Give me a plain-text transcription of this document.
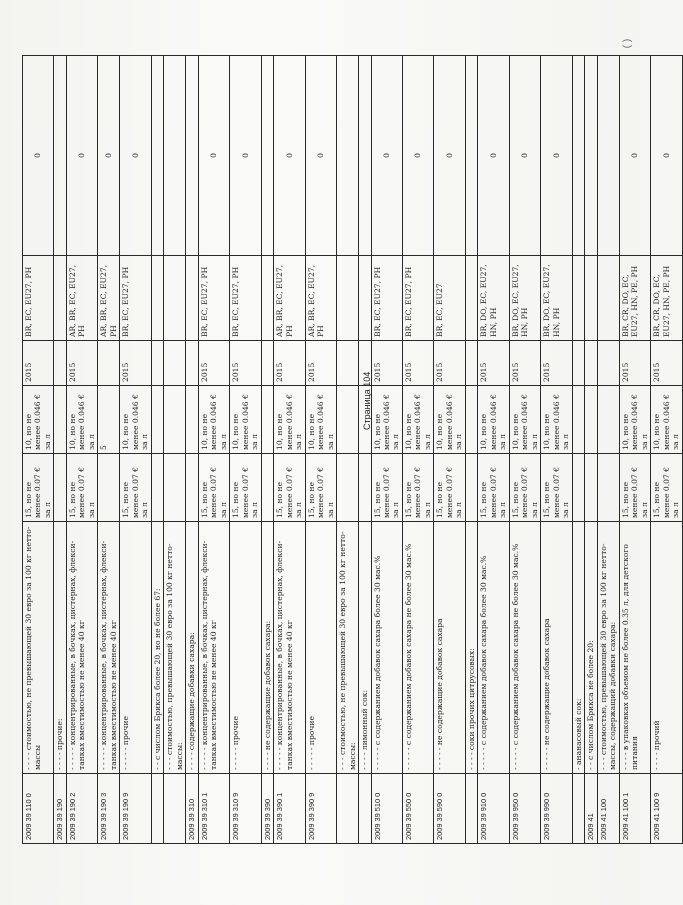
( )
2009 39 110 0	- - - - стоимостью, не превышающей 30 евро за 100 кг нетто-массы	15, но не менее 0.07 € за л	10, но не менее 0.046 € за л	2015	BR, EC, EU27, PH	0
2009 39 190	- - - - прочие:					
2009 39 190 2	- - - - - концентрированные, в бочках, цистернах, флекси-танках вместимостью не менее 40 кг	15, но не менее 0.07 € за л	10, но не менее 0.046 € за л	2015	AR, BR, EC, EU27, PH	0
2009 39 190 3	- - - - - концентрированные, в бочках, цистернах, флекси-танках вместимостью не менее 40 кг		5		AR, BR, EC, EU27, PH	0
2009 39 190 9	- - - - - прочие	15, но не менее 0.07 € за л	10, но не менее 0.046 € за л	2015	BR, EC, EU27, PH	0
	- - с числом Брикса более 20, но не более 67:					
	- - - стоимостью, превышающей 30 евро за 100 кг нетто-массы:					
2009 39 310	- - - - содержащие добавки сахара:					
2009 39 310 1	- - - - - концентрированные, в бочках, цистернах, флекси-танках вместимостью не менее 40 кг	15, но не менее 0.07 € за л	10, но не менее 0.046 € за л	2015	BR, EC, EU27, PH	0
2009 39 310 9	- - - - - прочие	15, но не менее 0.07 € за л	10, но не менее 0.046 € за л	2015	BR, EC, EU27, PH	0
2009 39 390	- - - - не содержащие добавок сахара:					
2009 39 390 1	- - - - - концентрированные, в бочках, цистернах, флекси-танках вместимостью не менее 40 кг	15, но не менее 0.07 € за л	10, но не менее 0.046 € за л	2015	AR, BR, EC, EU27, PH	0
2009 39 390 9	- - - - - прочие	15, но не менее 0.07 € за л	10, но не менее 0.046 € за л	2015	AR, BR, EC, EU27, PH	0
	- - - стоимостью, не превышающей 30 евро за 100 кг нетто-массы:					
	- - - - лимонный сок:					
2009 39 510 0	- - - - - с содержанием добавок сахара более 30 мас.%	15, но не менее 0.07 € за л	10, но не менее 0.046 € за л	2015	BR, EC, EU27, PH	0
2009 39 550 0	- - - - - с содержанием добавок сахара не более 30 мас.%	15, но не менее 0.07 € за л	10, но не менее 0.046 € за л	2015	BR, EC, EU27, PH	0
2009 39 590 0	- - - - - не содержащие добавок сахара	15, но не менее 0.07 € за л	10, но не менее 0.046 € за л	2015	BR, EC, EU27	0
	- - - - соки прочих цитрусовых:					
2009 39 910 0	- - - - - с содержанием добавок сахара более 30 мас.%	15, но не менее 0.07 € за л	10, но не менее 0.046 € за л	2015	BR, DO, EC, EU27, HN, PH	0
2009 39 950 0	- - - - - с содержанием добавок сахара не более 30 мас.%	15, но не менее 0.07 € за л	10, но не менее 0.046 € за л	2015	BR, DO, EC, EU27, HN, PH	0
2009 39 990 0	- - - - - не содержащие добавок сахара	15, но не менее 0.07 € за л	10, но не менее 0.046 € за л	2015	BR, DO, EC, EU27, HN, PH	0
	- ананасовый сок:					
2009 41	- - с числом Брикса не более 20:					
2009 41 100	- - - стоимостью, превышающей 30 евро за 100 кг нетто-массы, содержащий добавки сахара:					
2009 41 100 1	- - - - в упаковках объемом не более 0.35 л, для детского питания	15, но не менее 0.07 € за л	10, но не менее 0.046 € за л	2015	BR, CR, DO, EC, EU27, HN, PE, PH	0
2009 41 100 9	- - - - прочий	15, но не менее 0.07 € за л	10, но не менее 0.046 € за л	2015	BR, CR, DO, EC, EU27, HN, PE, PH	0
Страница 104
